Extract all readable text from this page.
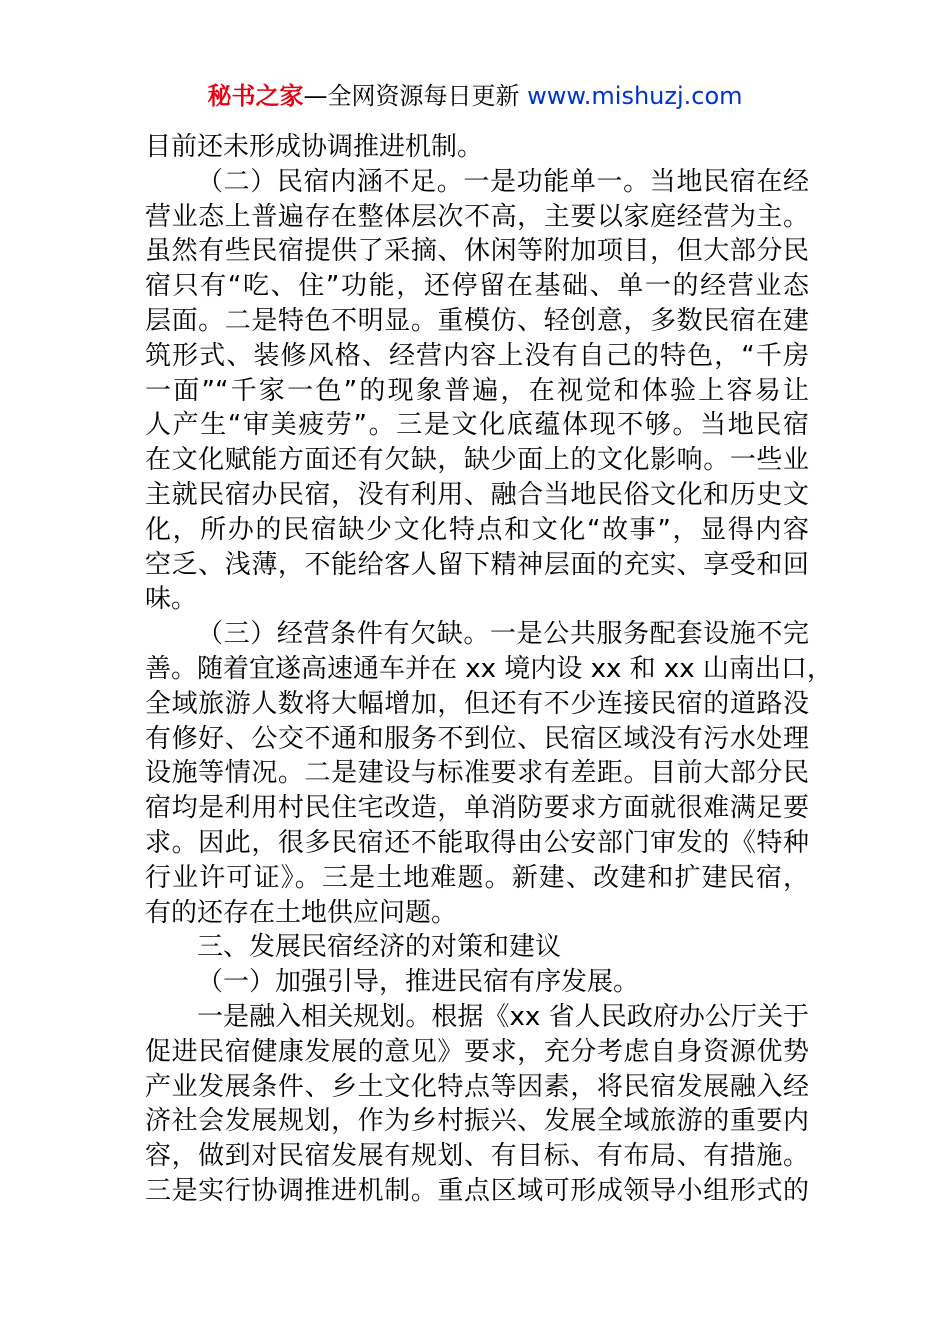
秘书之家—全网资源每日更新 www.mishuzj.com
目前还未形成协调推进机制。
（二）民宿内涵不足。一是功能单一。当地民宿在经
营业态上普遍存在整体层次不高，主要以家庭经营为主。
虽然有些民宿提供了采摘、休闲等附加项目，但大部分民
宿只有“吃、住”功能，还停留在基础、单一的经营业态
层面。二是特色不明显。重模仿、轻创意，多数民宿在建
筑形式、装修风格、经营内容上没有自己的特色，“千房
一面”“千家一色”的现象普遍，在视觉和体验上容易让
人产生“审美疲劳”。三是文化底蕴体现不够。当地民宿
在文化赋能方面还有欠缺，缺少面上的文化影响。一些业
主就民宿办民宿，没有利用、融合当地民俗文化和历史文
化，所办的民宿缺少文化特点和文化“故事”，显得内容
空乏、浅薄，不能给客人留下精神层面的充实、享受和回
味。
（三）经营条件有欠缺。一是公共服务配套设施不完
善。随着宜遂高速通车并在 xx 境内设 xx 和 xx 山南出口，
全域旅游人数将大幅增加，但还有不少连接民宿的道路没
有修好、公交不通和服务不到位、民宿区域没有污水处理
设施等情况。二是建设与标准要求有差距。目前大部分民
宿均是利用村民住宅改造，单消防要求方面就很难满足要
求。因此，很多民宿还不能取得由公安部门审发的《特种
行业许可证》。三是土地难题。新建、改建和扩建民宿，
有的还存在土地供应问题。
三、发展民宿经济的对策和建议
（一）加强引导，推进民宿有序发展。
一是融入相关规划。根据《xx 省人民政府办公厅关于
促进民宿健康发展的意见》要求，充分考虑自身资源优势
产业发展条件、乡土文化特点等因素，将民宿发展融入经
济社会发展规划，作为乡村振兴、发展全域旅游的重要内
容，做到对民宿发展有规划、有目标、有布局、有措施。
三是实行协调推进机制。重点区域可形成领导小组形式的
